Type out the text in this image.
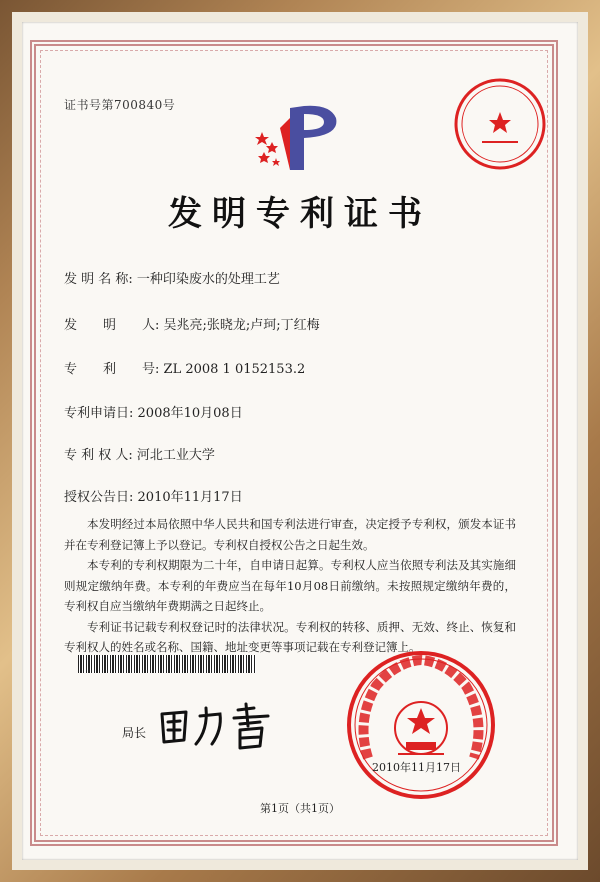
证书号第700840号
发明专利证书
发 明 名 称: 一种印染废水的处理工艺
发　　明　　人: 吴兆亮;张晓龙;卢珂;丁红梅
专　　利　　号: ZL 2008 1 0152153.2
专利申请日: 2008年10月08日
专 利 权 人: 河北工业大学
授权公告日: 2010年11月17日

本发明经过本局依照中华人民共和国专利法进行审查，决定授予专利权，颁发本证书并在专利登记簿上予以登记。专利权自授权公告之日起生效。

本专利的专利权期限为二十年，自申请日起算。专利权人应当依照专利法及其实施细则规定缴纳年费。本专利的年费应当在每年10月08日前缴纳。未按照规定缴纳年费的，专利权自应当缴纳年费期满之日起终止。

专利证书记载专利权登记时的法律状况。专利权的转移、质押、无效、终止、恢复和专利权人的姓名或名称、国籍、地址变更等事项记载在专利登记簿上。

局长
2010年11月17日
第1页（共1页）
